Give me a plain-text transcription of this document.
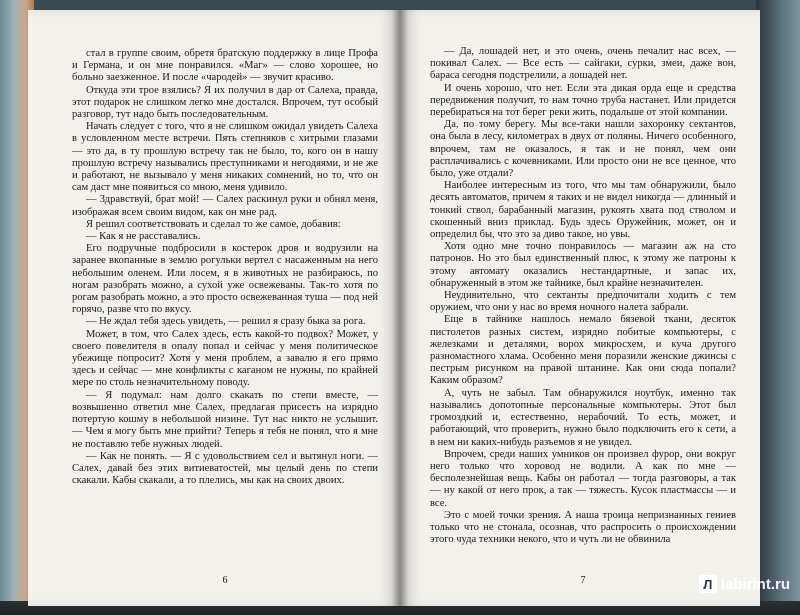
стал в группе своим, обретя братскую поддержку в лице Профа и Германа, и он мне понравился. «Маг» — слово хорошее, но больно заезженное. И после «чародей» — звучит красиво.

Откуда эти трое взялись? Я их получил в дар от Салеха, правда, этот подарок не слишком легко мне достался. Впрочем, тут особый разговор, тут надо быть последовательным.

Начать следует с того, что я не слишком ожидал увидеть Салеха в условленном месте встречи. Пять степняков с хитрыми глазами — это да, в ту прошлую встречу так не было, то, кого он в нашу прошлую встречу назывались преступниками и негодяями, и не же и работают, не вызывало у меня никаких сомнений, но то, что он сам даст мне появиться со мною, меня удивило.

— Здравствуй, брат мой! — Салех раскинул руки и обнял меня, изображая всем своим видом, как он мне рад.

Я решил соответствовать и сделал то же самое, добавив:

— Как я не расставались.

Его подручные подбросили в костерок дров и водрузили на заранее вкопанные в землю рогульки вертел с насаженным на него небольшим оленем. Или лосем, я в животных не разбираюсь, по ногам разобрать можно, а сухой уже освежеваны. Так-то хотя по рогам разобрать можно, а это просто освежеванная туша — под ней горячо, разве что по вкусу.

— Не ждал тебя здесь увидеть, — решил я сразу быка за рога.

Может, в том, что Салех здесь, есть какой-то подвох? Может, у своего повелителя в опалу попал и сейчас у меня политическое убежище попросит? Хотя у меня проблем, а завалю я его прямо здесь и сейчас — мне конфликты с каганом не нужны, по крайней мере по столь незначительному поводу.

— Я подумал: нам долго скакать по степи вместе, — возвышенно ответил мне Салех, предлагая присесть на изрядно потертую кошму в небольшой низине. Тут нас никто не услышит. — Чем я могу быть мне прийти? Теперь я тебя не понял, что я мне не поставлю тебе нужных людей.

— Как не понять. — Я с удовольствием сел и вытянул ноги. — Салех, давай без этих витиеватостей, мы целый день по степи скакали. Кабы скакали, а то плелись, мы как на своих двоих.

6

— Да, лошадей нет, и это очень, очень печалит нас всех, — покивал Салех. — Все есть — сайгаки, сурки, змеи, даже вон, бараса сегодня подстрелили, а лошадей нет.

И очень хорошо, что нет. Если эта дикая орда еще и средства передвижения получит, то нам точно труба настанет. Или придется перебираться на тот берег реки жить, подальше от этой компании.

Да, по тому берегу. Мы все-таки нашли захоронку сектантов, она была в лесу, километрах в двух от поляны. Ничего особенного, впрочем, там не оказалось, я так и не понял, чем они расплачивались с кочевниками. Или просто они не все ценное, что было, уже отдали?

Наиболее интересным из того, что мы там обнаружили, было десять автоматов, причем я таких и не видел никогда — длинный и тонкий ствол, барабанный магазин, рукоять хвата под стволом и скошенный вниз приклад. Будь здесь Оружейник, может, он и определил бы, что это за диво такое, но увы.

Хотя одно мне точно понравилось — магазин аж на сто патронов. Но это был единственный плюс, к этому же патроны к этому автомату оказались нестандартные, и запас их, обнаруженный в этом же тайнике, был крайне незначителен.

Неудивительно, что сектанты предпочитали ходить с тем оружием, что они у нас во время ночного налета забрали.

Еще в тайнике нашлось немало бязевой ткани, десяток пистолетов разных систем, изрядно побитые компьютеры, с железками и деталями, ворох микросхем, и куча другого разномастного хлама. Особенно меня поразили женские джинсы с пестрым рисунком на правой штанине. Как они сюда попали? Каким образом?

А, чуть не забыл. Там обнаружился ноутбук, именно так назывались допотопные персональные компьютеры. Этот был громоздкий и, естественно, нерабочий. То есть, может, и работающий, что проверить, нужно было подключить его к сети, а в нем ни каких-нибудь разъемов я не увидел.

Впрочем, среди наших умников он произвел фурор, они вокруг него только что хоровод не водили. А как по мне — бесполезнейшая вещь. Кабы он работал — тогда разговоры, а так — ну какой от него прок, а так — тяжесть. Кусок пластмассы — и все.

Это с моей точки зрения. А наша троица непризнанных гениев только что не стонала, осознав, что распросить о происхождении этого чуда техники некого, что и чуть ли не обвинила

7	Л labirint.ru
